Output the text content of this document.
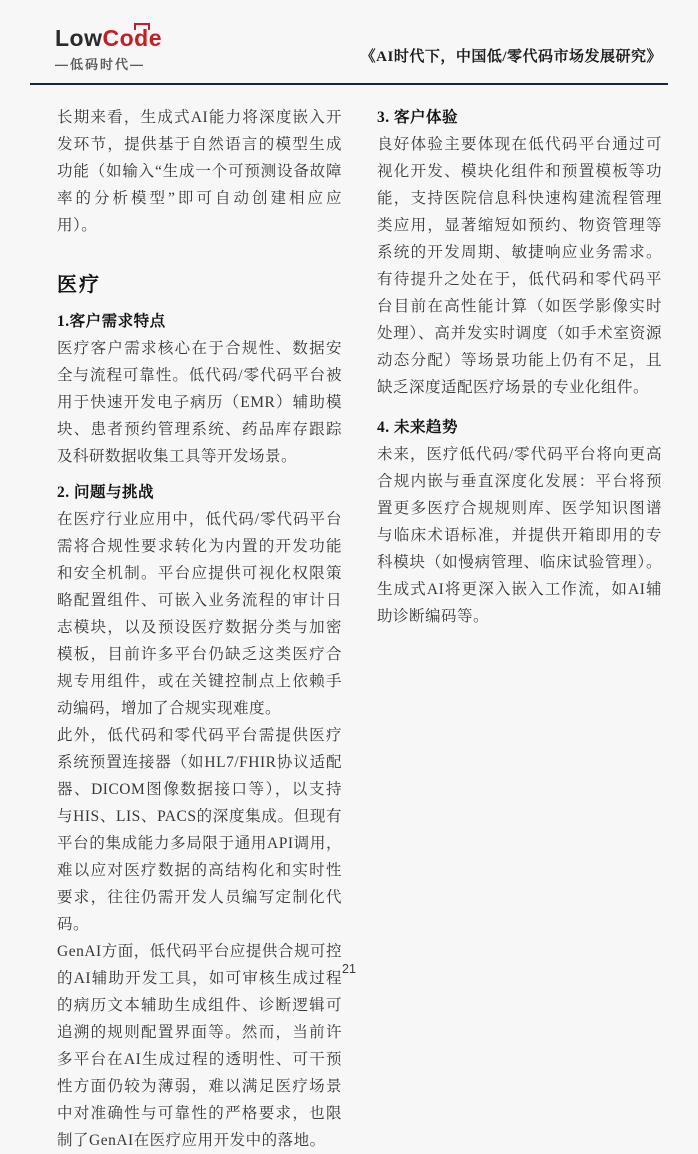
LowCo
de
—低码时代—	《AI时代下，中国低/零代码市场发展研究》

长期来看，生成式AI能力将深度嵌入开发环节，提供基于自然语言的模型生成功能（如输入“生成一个可预测设备故障率的分析模型”即可自动创建相应应用）。

医疗
1.客户需求特点

医疗客户需求核心在于合规性、数据安全与流程可靠性。低代码/零代码平台被用于快速开发电子病历（EMR）辅助模块、患者预约管理系统、药品库存跟踪及科研数据收集工具等开发场景。

2. 问题与挑战

在医疗行业应用中，低代码/零代码平台需将合规性要求转化为内置的开发功能和安全机制。平台应提供可视化权限策略配置组件、可嵌入业务流程的审计日志模块，以及预设医疗数据分类与加密模板，目前许多平台仍缺乏这类医疗合规专用组件，或在关键控制点上依赖手动编码，增加了合规实现难度。

此外，低代码和零代码平台需提供医疗系统预置连接器（如HL7/FHIR协议适配器、DICOM图像数据接口等），以支持与HIS、LIS、PACS的深度集成。但现有平台的集成能力多局限于通用API调用，难以应对医疗数据的高结构化和实时性要求，往往仍需开发人员编写定制化代码。

GenAI方面，低代码平台应提供合规可控的AI辅助开发工具，如可审核生成过程的病历文本辅助生成组件、诊断逻辑可追溯的规则配置界面等。然而，当前许多平台在AI生成过程的透明性、可干预性方面仍较为薄弱，难以满足医疗场景中对准确性与可靠性的严格要求，也限制了GenAI在医疗应用开发中的落地。

3. 客户体验

良好体验主要体现在低代码平台通过可视化开发、模块化组件和预置模板等功能，支持医院信息科快速构建流程管理类应用，显著缩短如预约、物资管理等系统的开发周期、敏捷响应业务需求。有待提升之处在于，低代码和零代码平台目前在高性能计算（如医学影像实时处理）、高并发实时调度（如手术室资源动态分配）等场景功能上仍有不足，且缺乏深度适配医疗场景的专业化组件。

4. 未来趋势

未来，医疗低代码/零代码平台将向更高合规内嵌与垂直深度化发展：平台将预置更多医疗合规规则库、医学知识图谱与临床术语标准，并提供开箱即用的专科模块（如慢病管理、临床试验管理）。生成式AI将更深入嵌入工作流，如AI辅助诊断编码等。

21
